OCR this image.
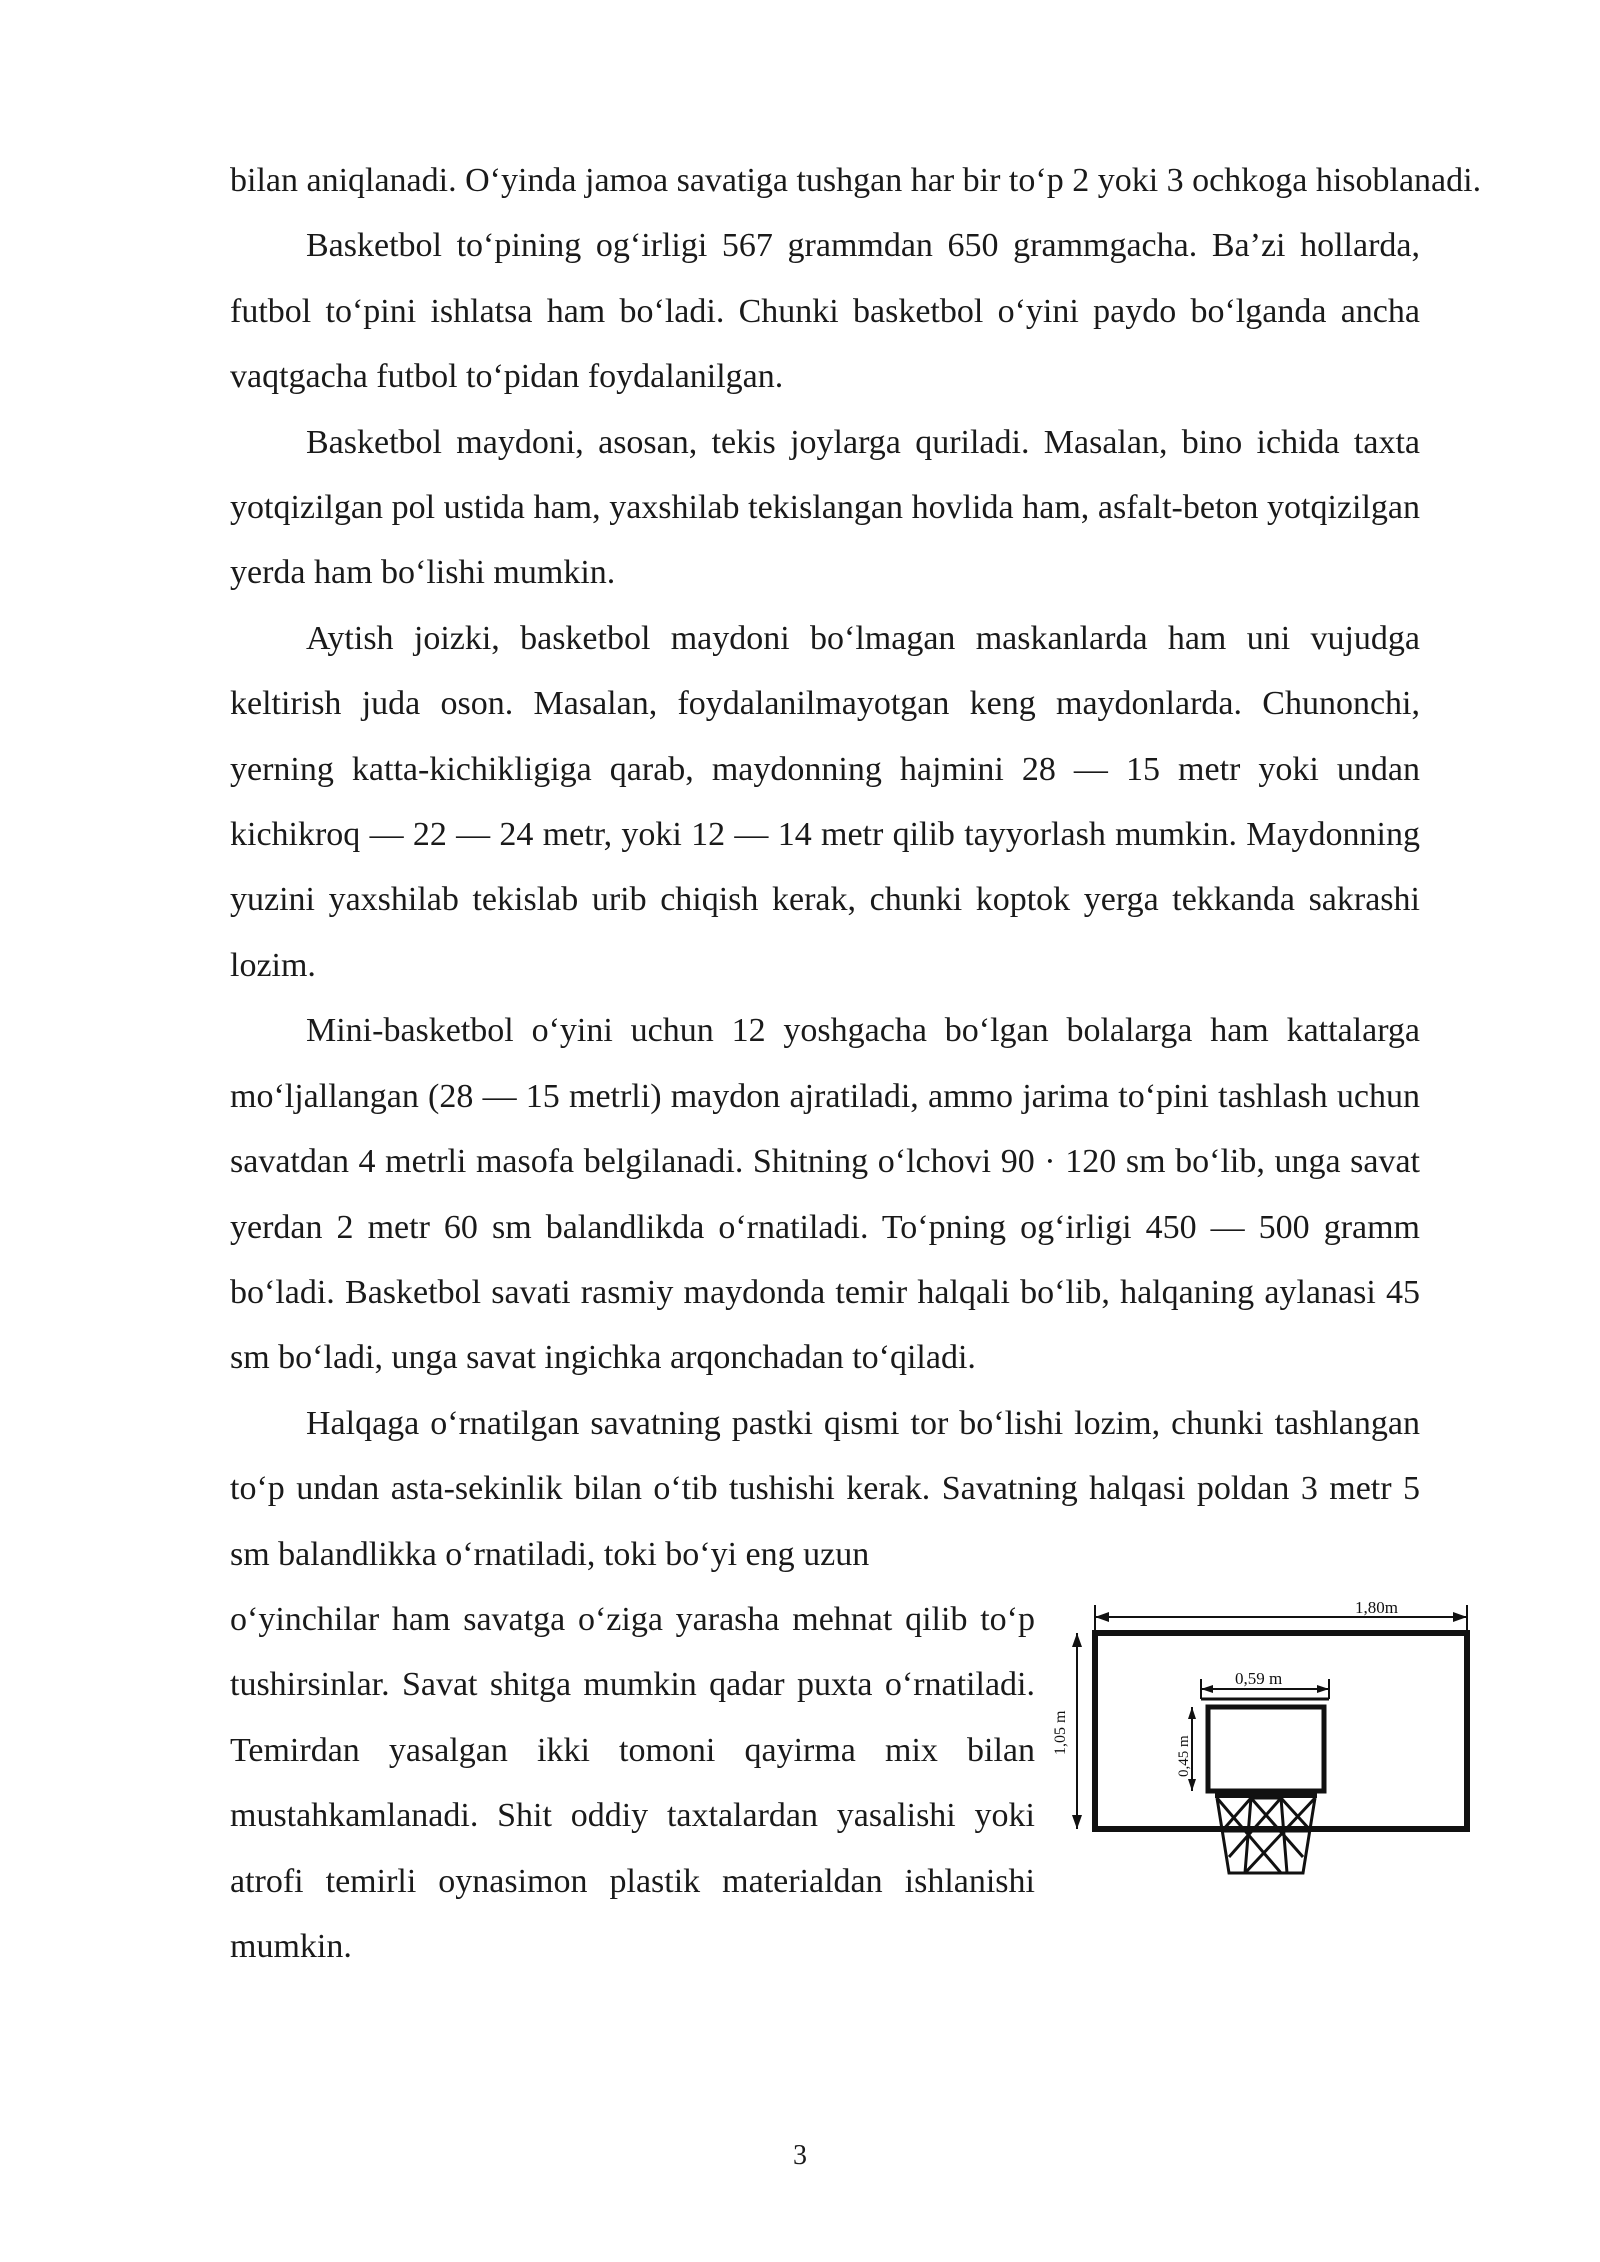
bilan aniqlanadi. O‘yinda jamoa savatiga tushgan har bir to‘p 2 yoki 3 ochkoga hisoblanadi.

Basketbol to‘pining og‘irligi 567 grammdan 650 grammgacha. Ba’zi hollarda, futbol to‘pini ishlatsa ham bo‘ladi. Chunki basketbol o‘yini paydo bo‘lganda ancha vaqtgacha futbol to‘pidan foydalanilgan.

Basketbol maydoni, asosan, tekis joylarga quriladi. Masalan, bino ichida taxta yotqizilgan pol ustida ham, yaxshilab tekislangan hovlida ham, asfalt-beton yotqizilgan yerda ham bo‘lishi mumkin.

Aytish joizki, basketbol maydoni bo‘lmagan maskanlarda ham uni vujudga keltirish juda oson. Masalan, foydalanilmayotgan keng maydonlarda. Chunonchi, yerning katta-kichikligiga qarab, maydonning hajmini 28 — 15 metr yoki undan kichikroq — 22 — 24 metr, yoki 12 — 14 metr qilib tayyorlash mumkin. Maydonning yuzini yaxshilab tekislab urib chiqish kerak, chunki koptok yerga tekkanda sakrashi lozim.

Mini-basketbol o‘yini uchun 12 yoshgacha bo‘lgan bolalarga ham kattalarga mo‘ljallangan (28 — 15 metrli) maydon ajratiladi, ammo jarima to‘pini tashlash uchun savatdan 4 metrli masofa belgilanadi. Shitning o‘lchovi 90 · 120 sm bo‘lib, unga savat yerdan 2 metr 60 sm balandlikda o‘rnatiladi. To‘pning og‘irligi 450 — 500 gramm bo‘ladi. Basketbol savati rasmiy maydonda temir halqali bo‘lib, halqaning aylanasi 45 sm bo‘ladi, unga savat ingichka arqonchadan to‘qiladi.

Halqaga o‘rnatilgan savatning pastki qismi tor bo‘lishi lozim, chunki tashlangan to‘p undan asta-sekinlik bilan o‘tib tushishi kerak. Savatning halqasi poldan 3 metr 5 sm balandlikka o‘rnatiladi, toki bo‘yi eng uzun

o‘yinchilar ham savatga o‘ziga yarasha mehnat qilib to‘p tushirsinlar. Savat shitga mumkin qadar puxta o‘rnatiladi. Temirdan yasalgan ikki tomoni qayirma mix bilan mustahkamlanadi. Shit oddiy taxtalardan yasalishi yoki atrofi temirli oynasimon plastik materialdan ishlanishi mumkin.

1,80m
1,05 m
0,59 m
0,45 m
3
